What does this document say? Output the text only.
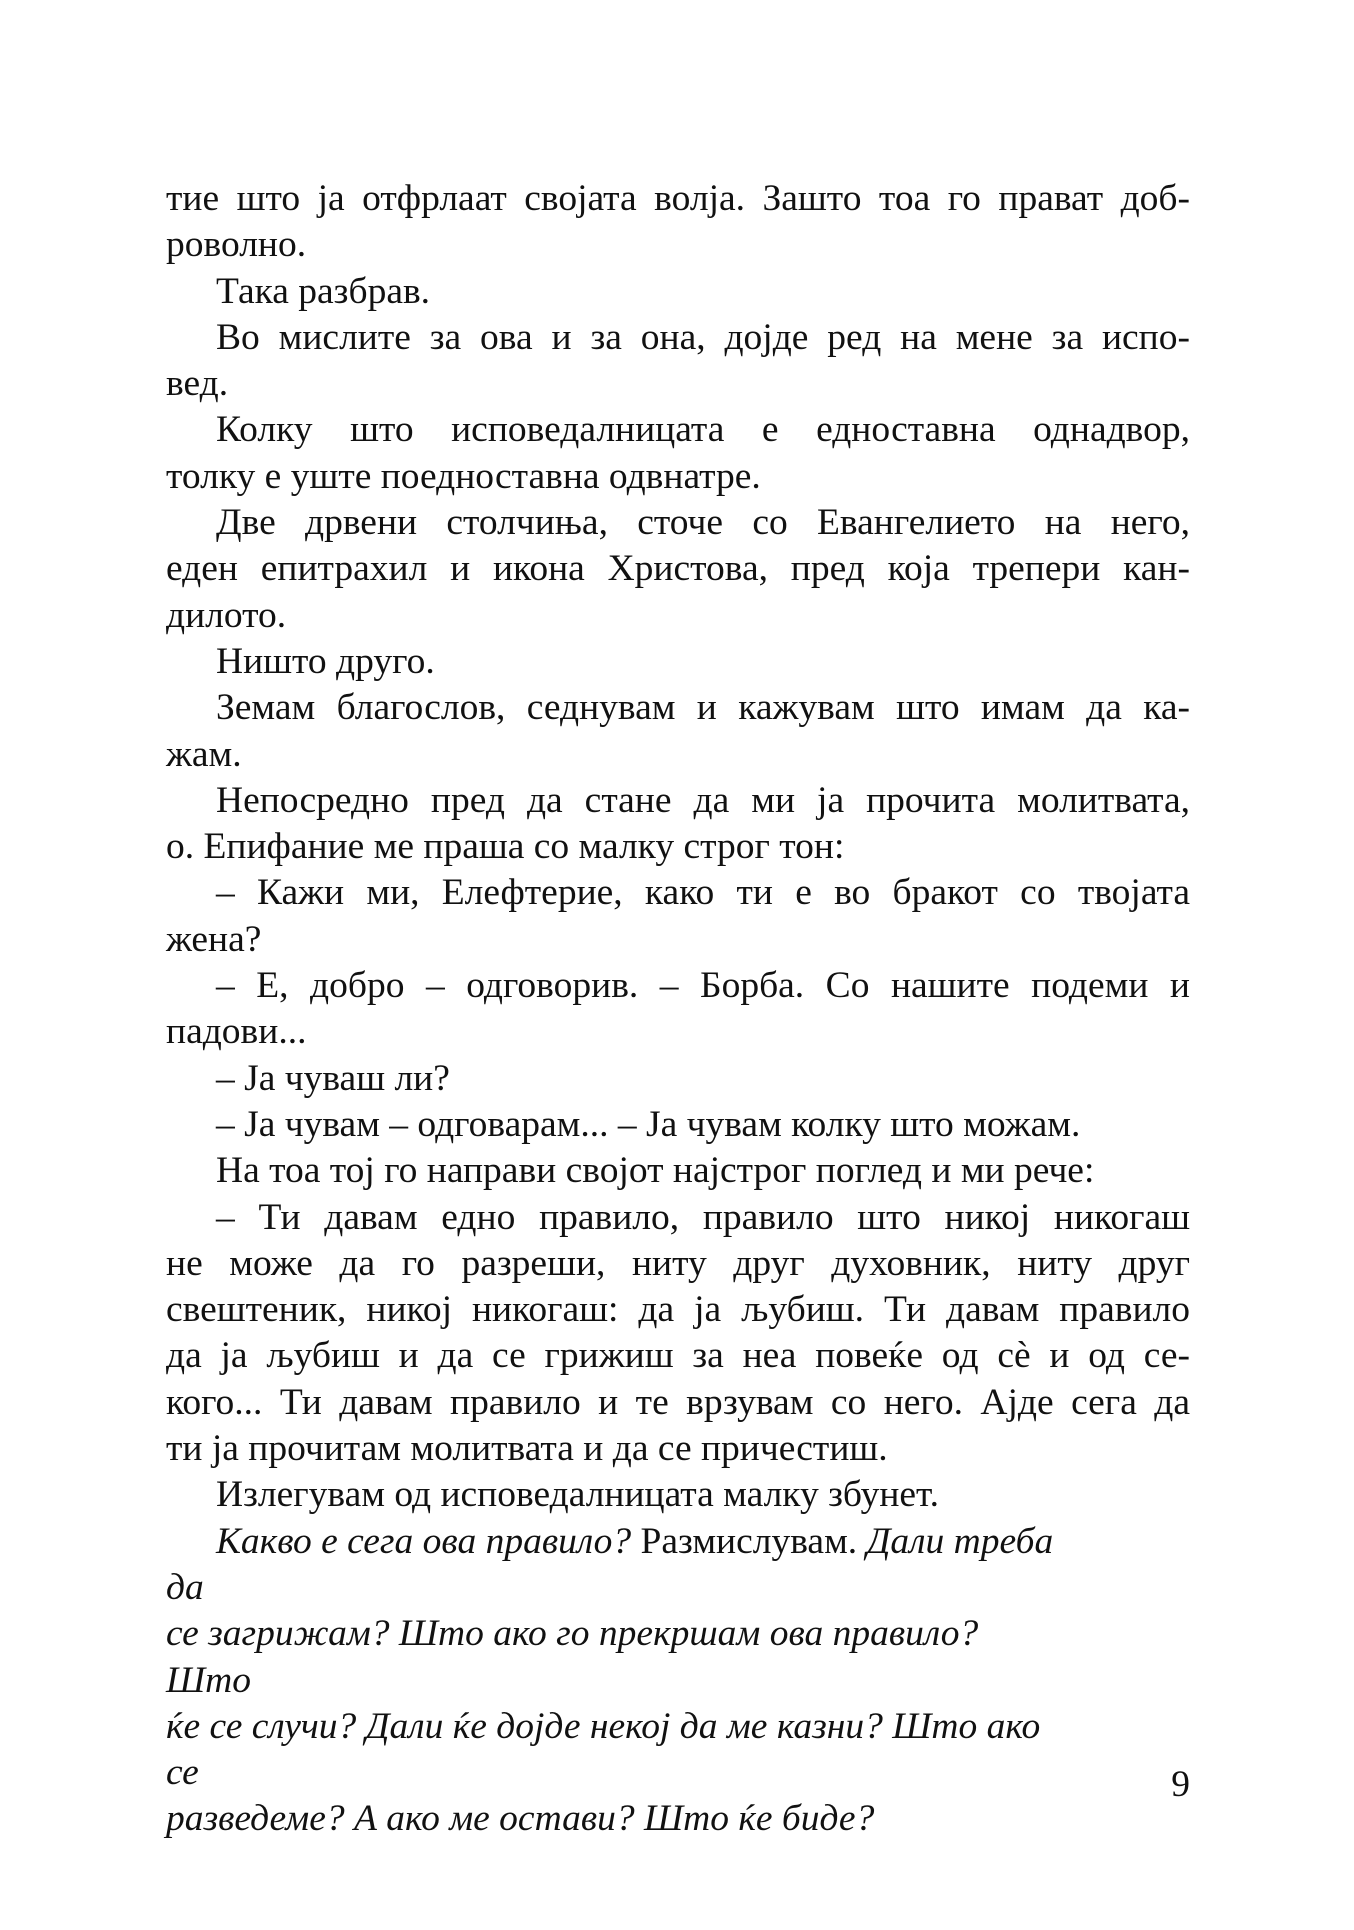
тие што ја отфрлаат својата волја. Зашто тоа го прават доб-
роволно.
Така разбрав.
Во мислите за ова и за она, дојде ред на мене за испо-
вед.
Колку што исповедалницата е едноставна однадвор,
толку е уште поедноставна одвнатре.
Две дрвени столчиња, сточе со Евангелието на него,
еден епитрахил и икона Христова, пред која трепери кан-
дилото.
Ништо друго.
Земам благослов, седнувам и кажувам што имам да ка-
жам.
Непосредно пред да стане да ми ја прочита молитвата,
о. Епифание ме праша со малку строг тон:
– Кажи ми, Елефтерие, како ти е во бракот со твојата
жена?
– Е, добро – одговорив. – Борба. Со нашите подеми и
падови...
– Ја чуваш ли?
– Ја чувам – одговарам... – Ја чувам колку што можам.
На тоа тој го направи својот најстрог поглед и ми рече:
– Ти давам едно правило, правило што никој никогаш
не може да го разреши, ниту друг духовник, ниту друг
свештеник, никој никогаш: да ја љубиш. Ти давам правило
да ја љубиш и да се грижиш за неа повеќе од сè и од се-
кого... Ти давам правило и те врзувам со него. Ајде сега да
ти ја прочитам молитвата и да се причестиш.
Излегувам од исповедалницата малку збунет.
Какво е сега ова правило? Размислувам. Дали треба
да
се загрижам? Што ако го прекршам ова правило?
Што
ќе се случи? Дали ќе дојде некој да ме казни? Што ако
се
разведеме? А ако ме остави? Што ќе биде?
9
